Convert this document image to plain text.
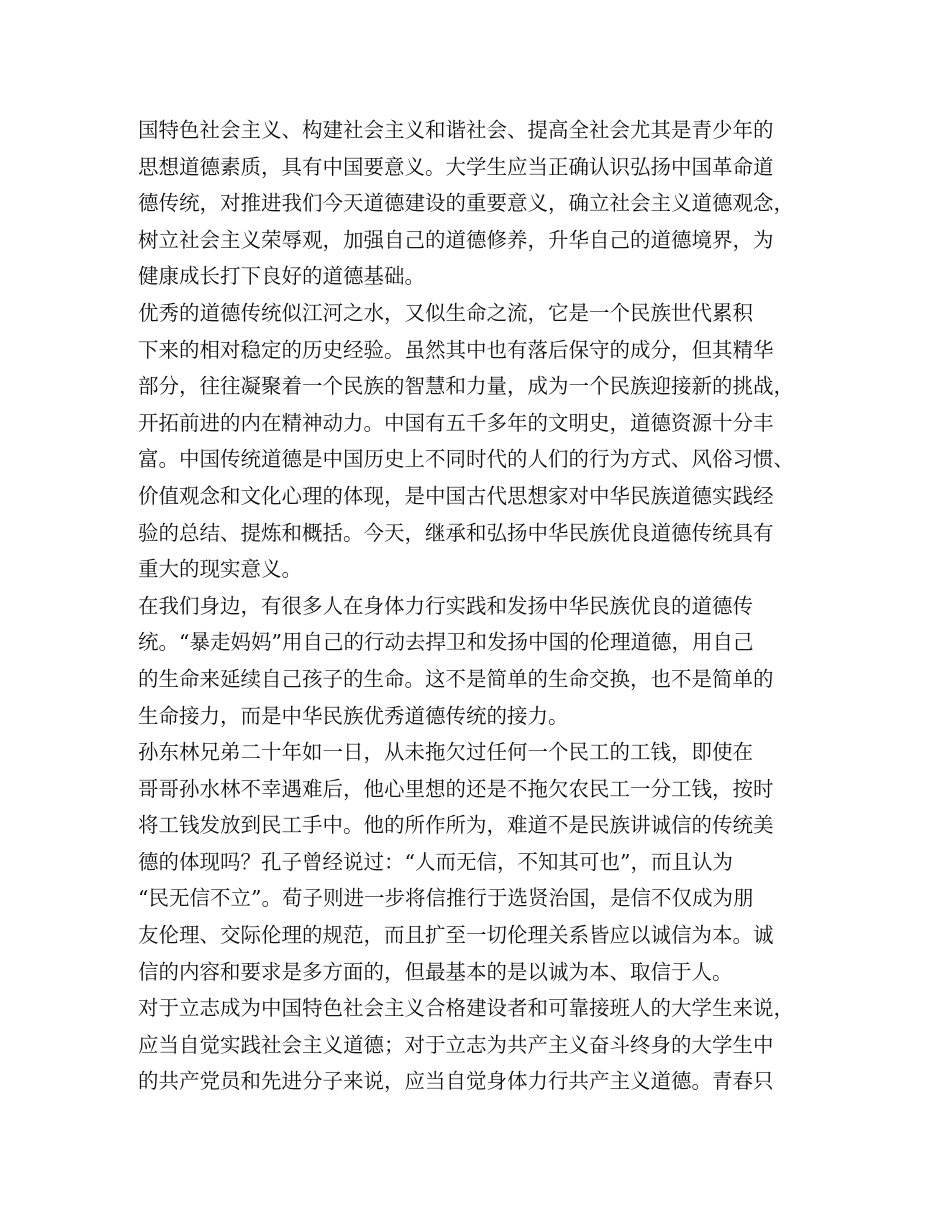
国特色社会主义、构建社会主义和谐社会、提高全社会尤其是青少年的
思想道德素质，具有中国要意义。大学生应当正确认识弘扬中国革命道
德传统，对推进我们今天道德建设的重要意义，确立社会主义道德观念，
树立社会主义荣辱观，加强自己的道德修养，升华自己的道德境界，为
健康成长打下良好的道德基础。
优秀的道德传统似江河之水，又似生命之流，它是一个民族世代累积
下来的相对稳定的历史经验。虽然其中也有落后保守的成分，但其精华
部分，往往凝聚着一个民族的智慧和力量，成为一个民族迎接新的挑战，
开拓前进的内在精神动力。中国有五千多年的文明史，道德资源十分丰
富。中国传统道德是中国历史上不同时代的人们的行为方式、风俗习惯、
价值观念和文化心理的体现，是中国古代思想家对中华民族道德实践经
验的总结、提炼和概括。今天，继承和弘扬中华民族优良道德传统具有
重大的现实意义。
在我们身边，有很多人在身体力行实践和发扬中华民族优良的道德传
统。“暴走妈妈”用自己的行动去捍卫和发扬中国的伦理道德，用自己
的生命来延续自己孩子的生命。这不是简单的生命交换，也不是简单的
生命接力，而是中华民族优秀道德传统的接力。
孙东林兄弟二十年如一日，从未拖欠过任何一个民工的工钱，即使在
哥哥孙水林不幸遇难后，他心里想的还是不拖欠农民工一分工钱，按时
将工钱发放到民工手中。他的所作所为，难道不是民族讲诚信的传统美
德的体现吗？孔子曾经说过：“人而无信，不知其可也”，而且认为
“民无信不立”。荀子则进一步将信推行于选贤治国，是信不仅成为朋
友伦理、交际伦理的规范，而且扩至一切伦理关系皆应以诚信为本。诚
信的内容和要求是多方面的，但最基本的是以诚为本、取信于人。
对于立志成为中国特色社会主义合格建设者和可靠接班人的大学生来说，
应当自觉实践社会主义道德；对于立志为共产主义奋斗终身的大学生中
的共产党员和先进分子来说，应当自觉身体力行共产主义道德。青春只
